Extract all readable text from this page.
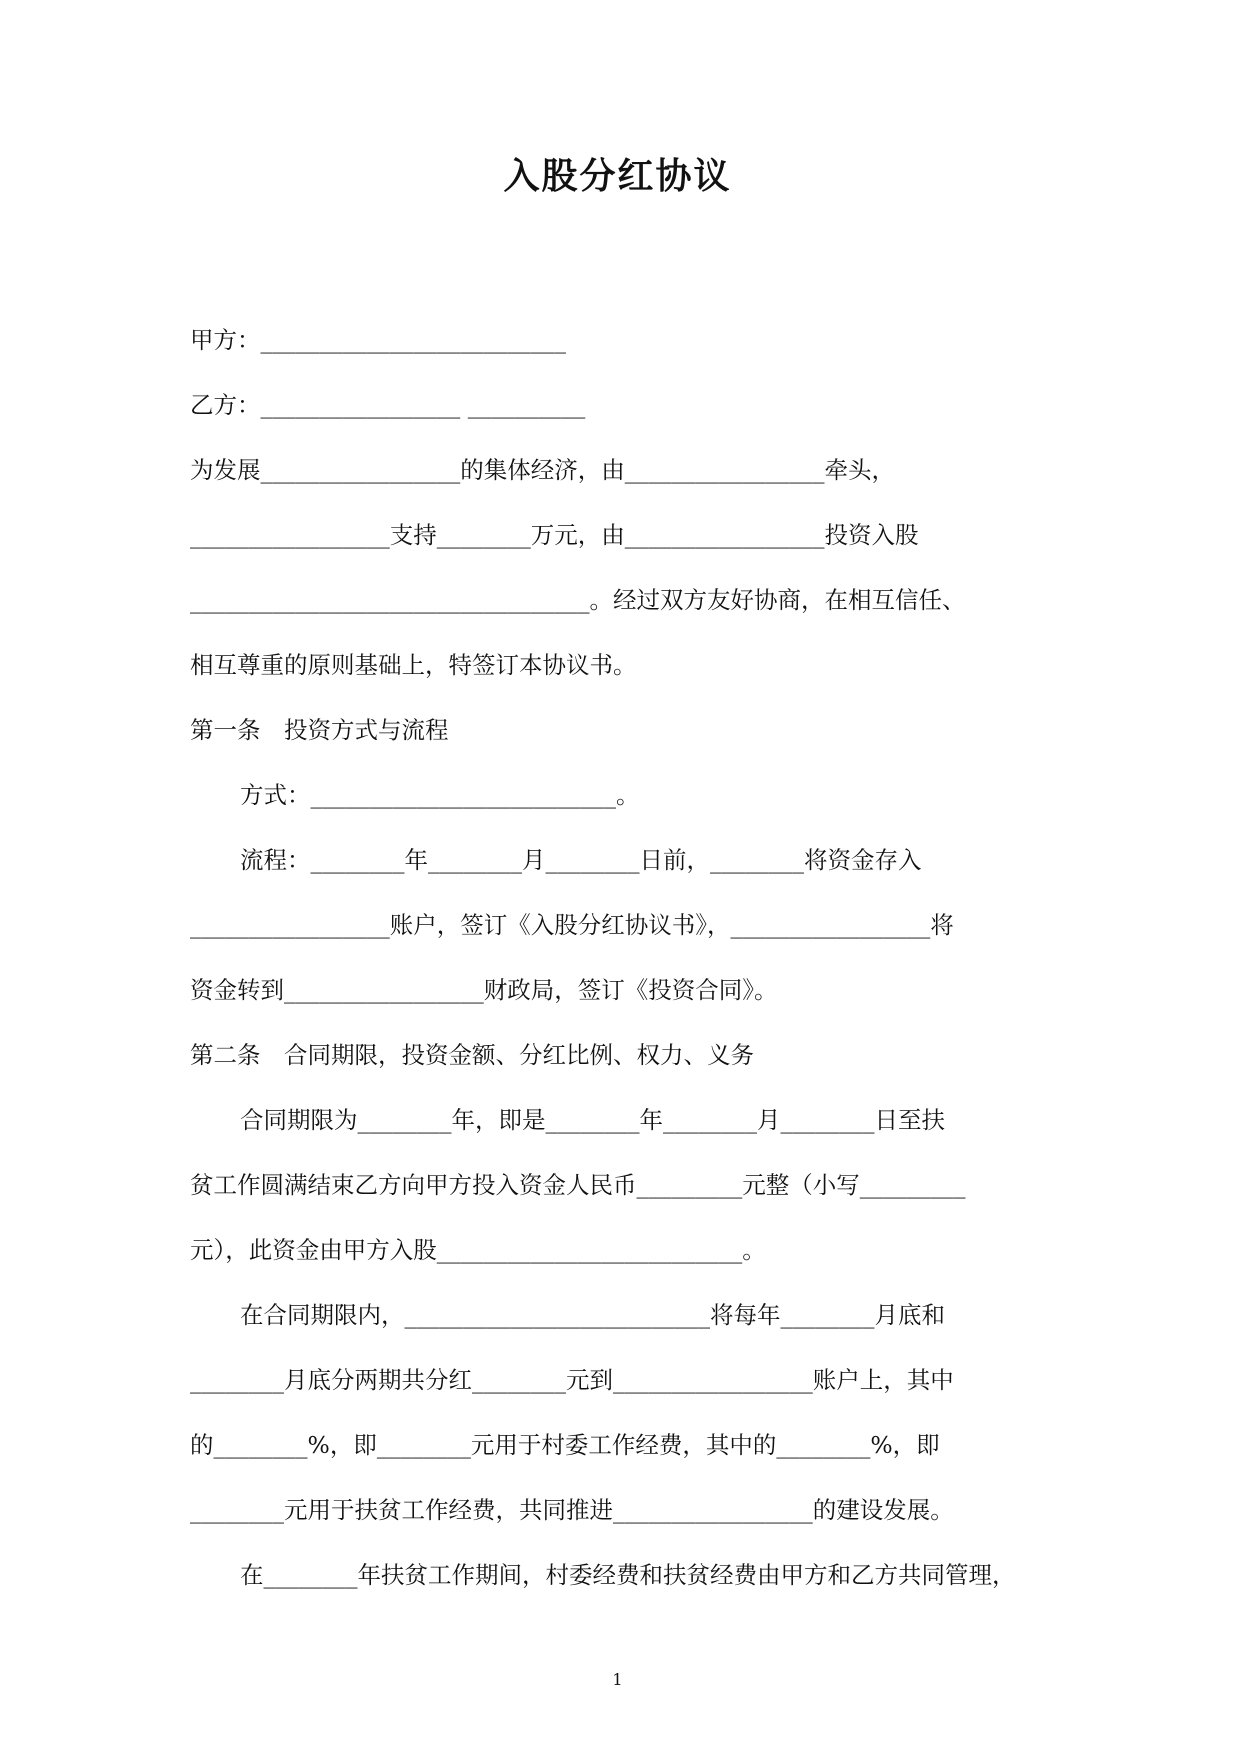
入股分红协议

甲方：__________________________

乙方：_________________ __________

为发展_________________的集体经济，由_________________牵头，

_________________支持________万元，由_________________投资入股

__________________________________。经过双方友好协商，在相互信任、

相互尊重的原则基础上，特签订本协议书。

第一条　投资方式与流程

方式：__________________________。

流程：________年________月________日前，________将资金存入

_________________账户，签订《入股分红协议书》，_________________将

资金转到_________________财政局，签订《投资合同》。

第二条　合同期限，投资金额、分红比例、权力、义务

合同期限为________年，即是________年________月________日至扶

贫工作圆满结束乙方向甲方投入资金人民币_________元整（小写_________

元），此资金由甲方入股__________________________。

在合同期限内，__________________________将每年________月底和

________月底分两期共分红________元到_________________账户上，其中

的________%，即________元用于村委工作经费，其中的________%，即

________元用于扶贫工作经费，共同推进_________________的建设发展。

在________年扶贫工作期间，村委经费和扶贫经费由甲方和乙方共同管理，

1
